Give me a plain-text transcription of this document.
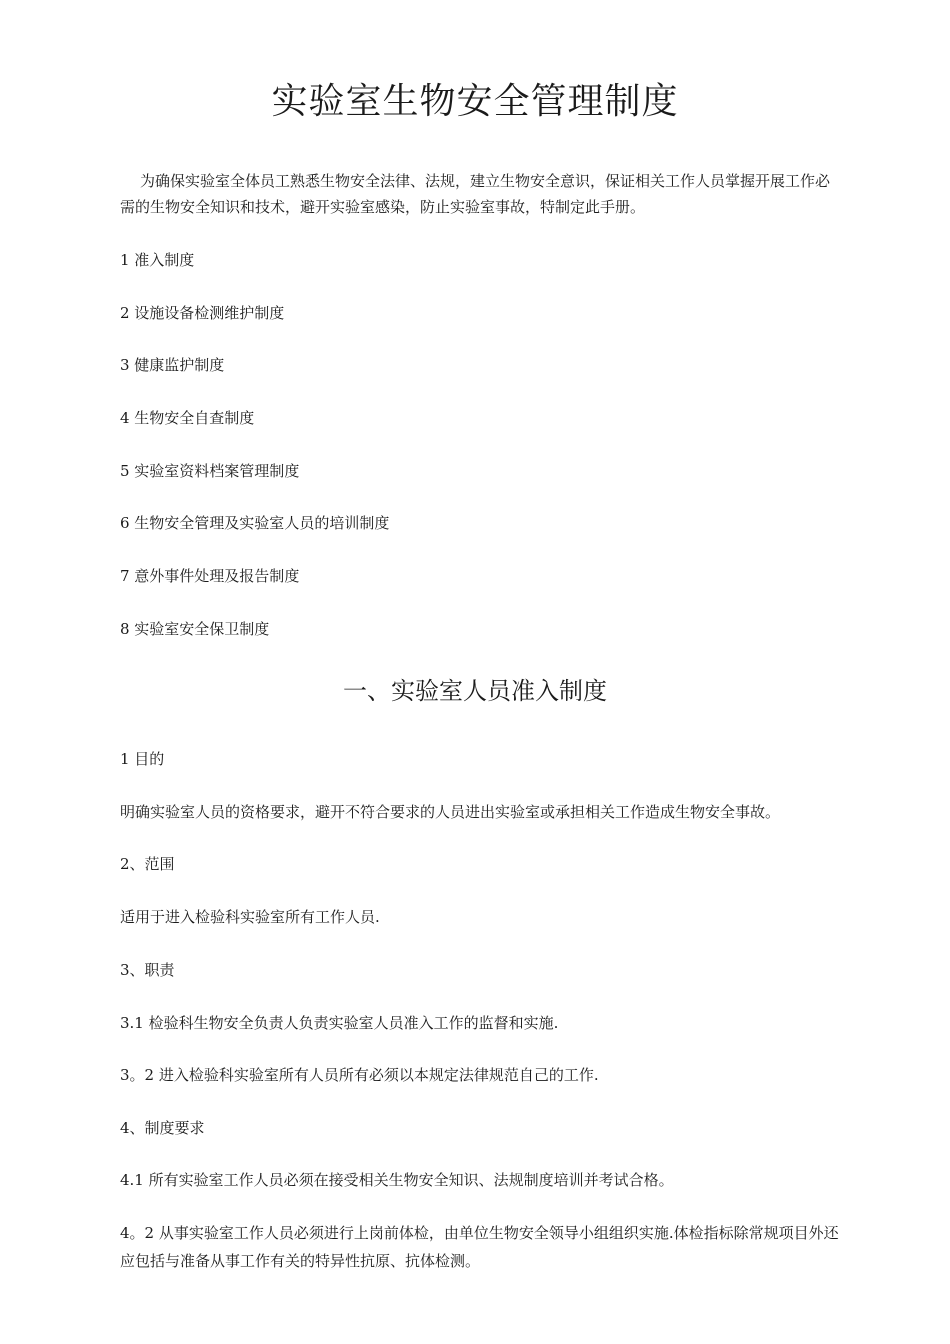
实验室生物安全管理制度

为确保实验室全体员工熟悉生物安全法律、法规，建立生物安全意识，保证相关工作人员掌握开展工作必需的生物安全知识和技术，避开实验室感染，防止实验室事故，特制定此手册。

1 准入制度

2 设施设备检测维护制度

3 健康监护制度

4 生物安全自查制度

5 实验室资料档案管理制度

6 生物安全管理及实验室人员的培训制度

7 意外事件处理及报告制度

8 实验室安全保卫制度

一、实验室人员准入制度

1 目的

明确实验室人员的资格要求，避开不符合要求的人员进出实验室或承担相关工作造成生物安全事故。

2、范围

适用于进入检验科实验室所有工作人员.

3、职责

3.1 检验科生物安全负责人负责实验室人员准入工作的监督和实施.

3。2 进入检验科实验室所有人员所有必须以本规定法律规范自己的工作.

4、制度要求

4.1 所有实验室工作人员必须在接受相关生物安全知识、法规制度培训并考试合格。

4。2 从事实验室工作人员必须进行上岗前体检，由单位生物安全领导小组组织实施.体检指标除常规项目外还应包括与准备从事工作有关的特异性抗原、抗体检测。
